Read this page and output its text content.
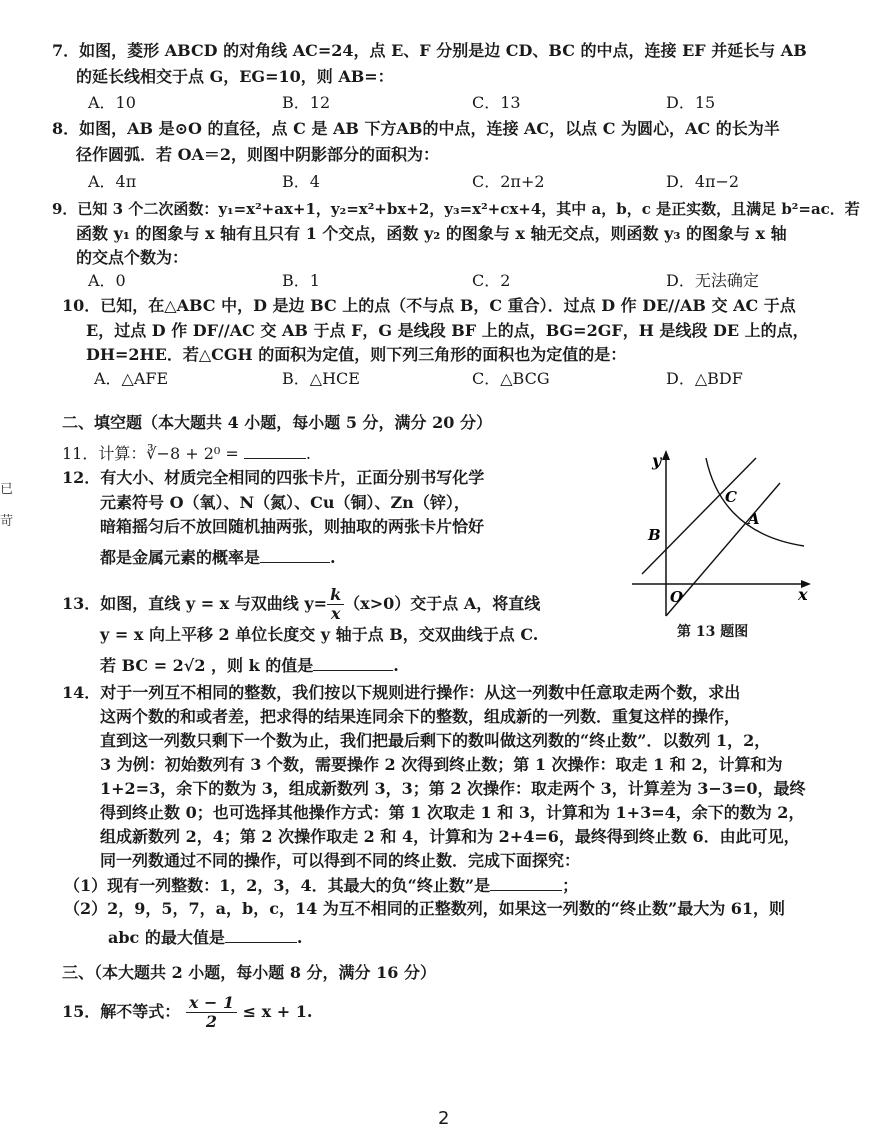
已
苛
7．如图，菱形 ABCD 的对角线 AC=24，点 E、F 分别是边 CD、BC 的中点，连接 EF 并延长与 AB
的延长线相交于点 G，EG=10，则 AB=：
A．10	B．12	C．13	D．15
8．如图，AB 是⊙O 的直径，点 C 是 AB 下方AB的中点，连接 AC，以点 C 为圆心，AC 的长为半
径作圆弧．若 OA＝2，则图中阴影部分的面积为：
A．4π	B．4	C．2π+2	D．4π−2
9．已知 3 个二次函数：y₁=x²+ax+1，y₂=x²+bx+2，y₃=x²+cx+4，其中 a，b，c 是正实数，且满足 b²=ac．若
函数 y₁ 的图象与 x 轴有且只有 1 个交点，函数 y₂ 的图象与 x 轴无交点，则函数 y₃ 的图象与 x 轴
的交点个数为：
A．0	B．1	C．2	D．无法确定
10．已知，在△ABC 中，D 是边 BC 上的点（不与点 B，C 重合）．过点 D 作 DE//AB 交 AC 于点
E，过点 D 作 DF//AC 交 AB 于点 F，G 是线段 BF 上的点，BG=2GF，H 是线段 DE 上的点，
DH=2HE．若△CGH 的面积为定值，则下列三角形的面积也为定值的是：
A．△AFE	B．△HCE	C．△BCG	D．△BDF
二、填空题（本大题共 4 小题，每小题 5 分，满分 20 分）
11．计算：∛−8 + 2⁰ =	.
12．有大小、材质完全相同的四张卡片，正面分别书写化学
元素符号 O（氧）、N（氮）、Cu（铜）、Zn（锌），
暗箱摇匀后不放回随机抽两张，则抽取的两张卡片恰好
都是金属元素的概率是	.
13．如图，直线 y = x 与双曲线 $y= \frac{k}{x} (x>0)$交于点 A，将直线
y = x 向上平移 2 单位长度交 y 轴于点 B，交双曲线于点 C.
若 BC = 2√2 ，则 k 的值是	.
y
x
O
A
B
C
第 13 题图
14．对于一列互不相同的整数，我们按以下规则进行操作：从这一列数中任意取走两个数，求出
这两个数的和或者差，把求得的结果连同余下的整数，组成新的一列数．重复这样的操作，
直到这一列数只剩下一个数为止，我们把最后剩下的数叫做这列数的“终止数”．以数列 1，2，
3 为例：初始数列有 3 个数，需要操作 2 次得到终止数；第 1 次操作：取走 1 和 2，计算和为
1+2=3，余下的数为 3，组成新数列 3，3；第 2 次操作：取走两个 3，计算差为 3−3=0，最终
得到终止数 0；也可选择其他操作方式：第 1 次取走 1 和 3，计算和为 1+3=4，余下的数为 2，
组成新数列 2，4；第 2 次操作取走 2 和 4，计算和为 2+4=6，最终得到终止数 6．由此可见，
同一列数通过不同的操作，可以得到不同的终止数．完成下面探究：
（1）现有一列整数：1，2，3，4．其最大的负“终止数”是	；
（2）2，9，5，7，a，b，c，14 为互不相同的正整数列，如果这一列数的“终止数”最大为 61，则
abc 的最大值是	.
三、（本大题共 2 小题，每小题 8 分，满分 16 分）
15．解不等式： $\frac{x - 1}{2} \le x + 1$.
2
